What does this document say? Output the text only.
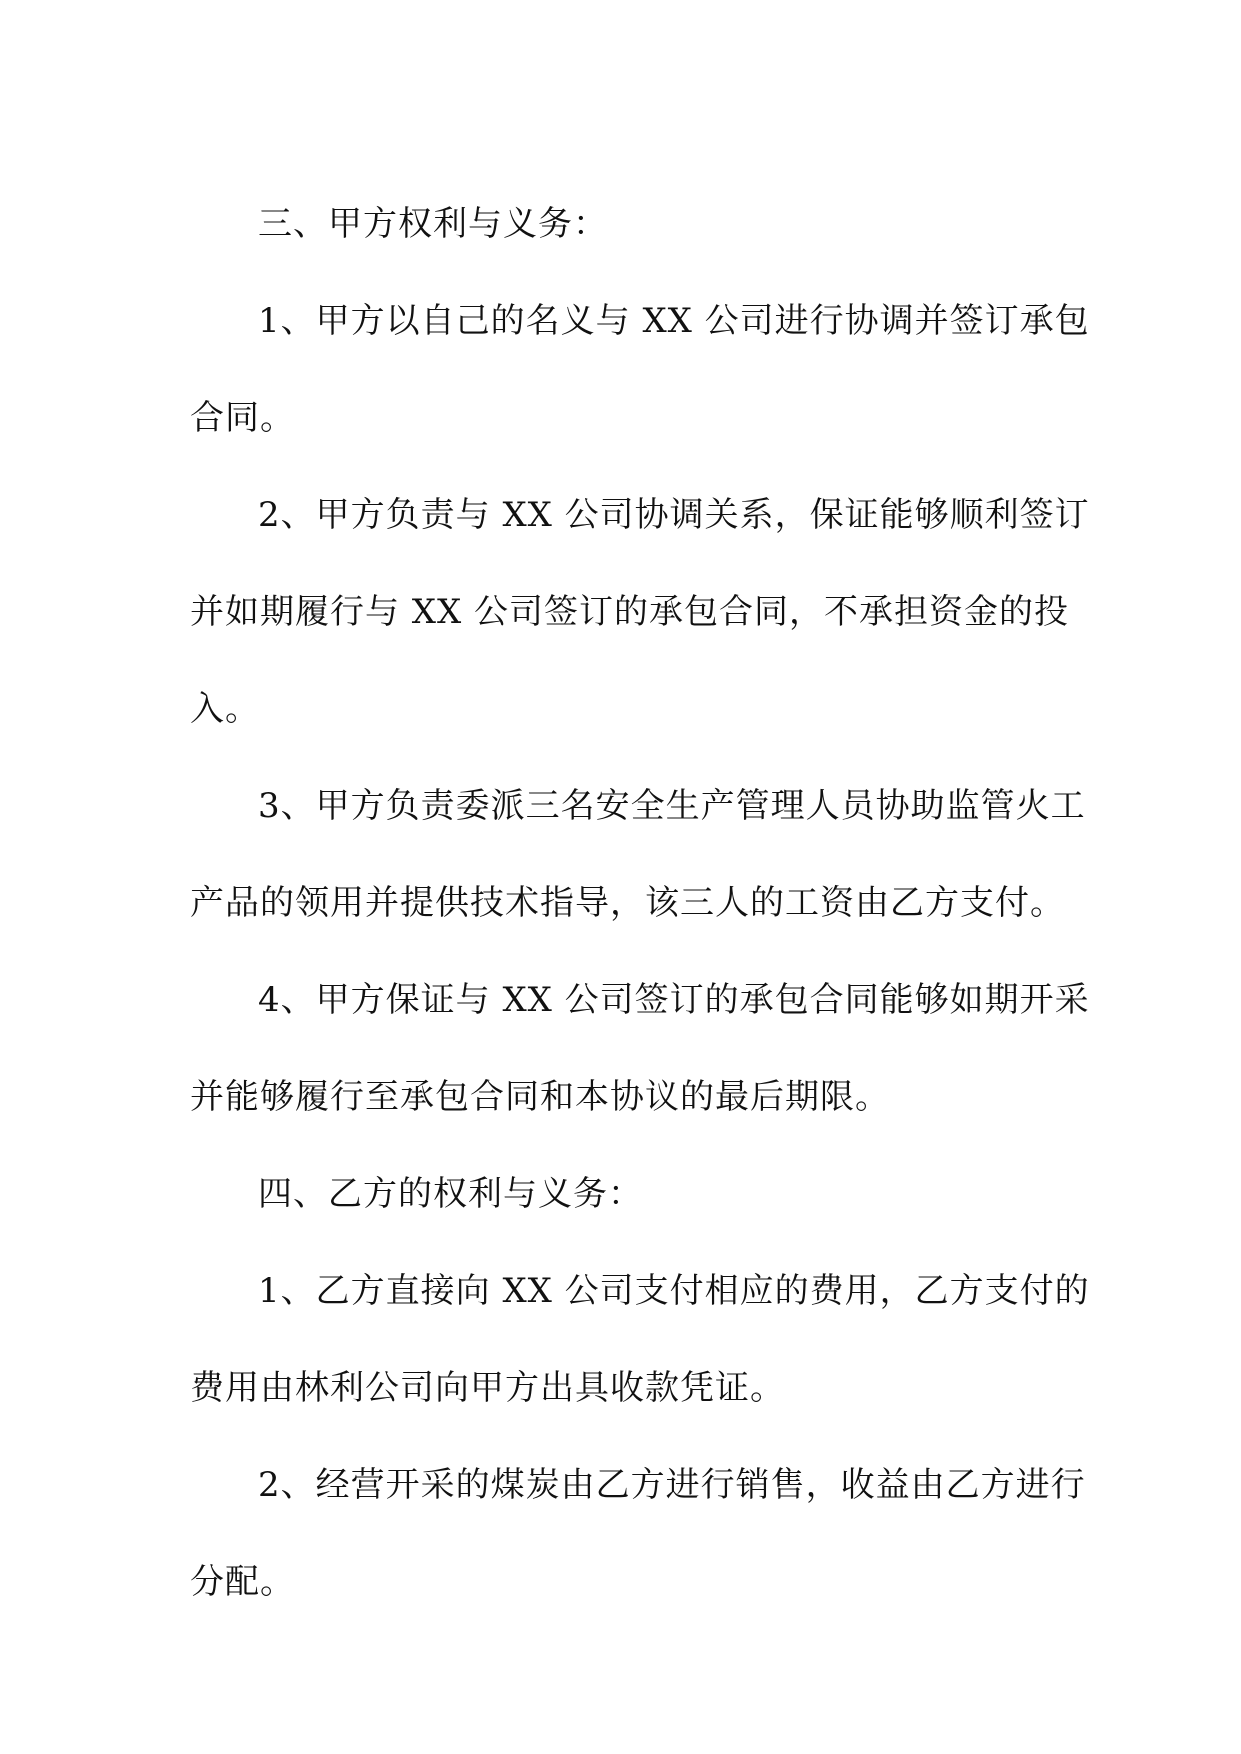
三、甲方权利与义务：
1、甲方以自己的名义与 XX 公司进行协调并签订承包
合同。
2、甲方负责与 XX 公司协调关系，保证能够顺利签订
并如期履行与 XX 公司签订的承包合同，不承担资金的投
入。
3、甲方负责委派三名安全生产管理人员协助监管火工
产品的领用并提供技术指导，该三人的工资由乙方支付。
4、甲方保证与 XX 公司签订的承包合同能够如期开采
并能够履行至承包合同和本协议的最后期限。
四、乙方的权利与义务：
1、乙方直接向 XX 公司支付相应的费用，乙方支付的
费用由林利公司向甲方出具收款凭证。
2、经营开采的煤炭由乙方进行销售，收益由乙方进行
分配。
